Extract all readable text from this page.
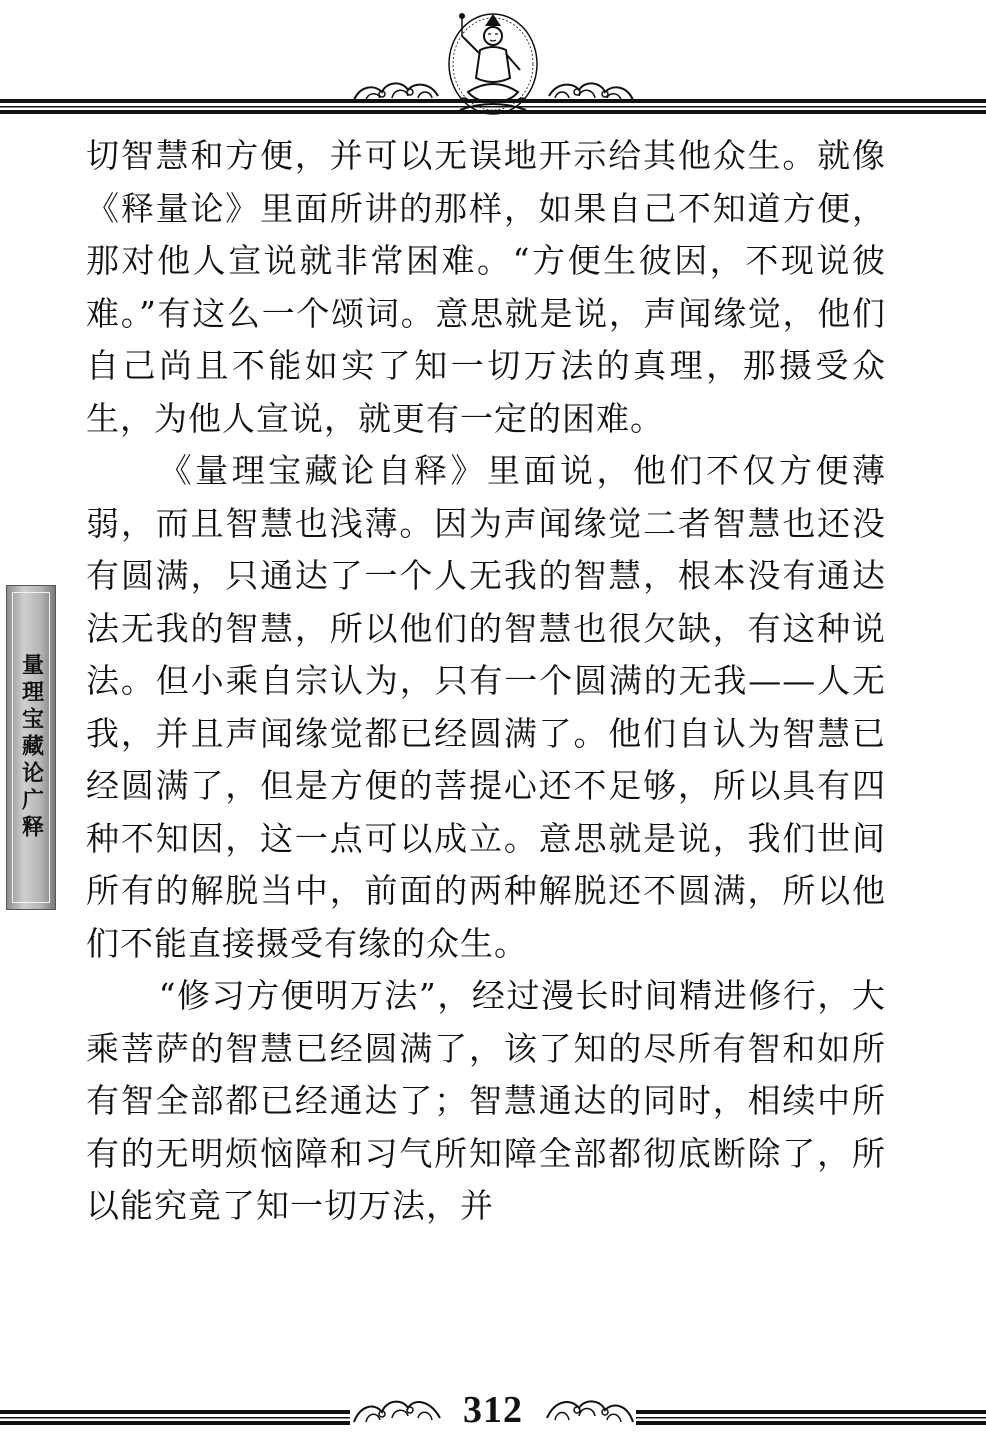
量理宝藏论广释

切智慧和方便，并可以无误地开示给其他众生。就像《释量论》里面所讲的那样，如果自己不知道方便，那对他人宣说就非常困难。“方便生彼因，不现说彼难。”有这么一个颂词。意思就是说，声闻缘觉，他们自己尚且不能如实了知一切万法的真理，那摄受众生，为他人宣说，就更有一定的困难。

《量理宝藏论自释》里面说，他们不仅方便薄弱，而且智慧也浅薄。因为声闻缘觉二者智慧也还没有圆满，只通达了一个人无我的智慧，根本没有通达法无我的智慧，所以他们的智慧也很欠缺，有这种说法。但小乘自宗认为，只有一个圆满的无我——人无我，并且声闻缘觉都已经圆满了。他们自认为智慧已经圆满了，但是方便的菩提心还不足够，所以具有四种不知因，这一点可以成立。意思就是说，我们世间所有的解脱当中，前面的两种解脱还不圆满，所以他们不能直接摄受有缘的众生。

“修习方便明万法”，经过漫长时间精进修行，大乘菩萨的智慧已经圆满了，该了知的尽所有智和如所有智全部都已经通达了；智慧通达的同时，相续中所有的无明烦恼障和习气所知障全部都彻底断除了，所以能究竟了知一切万法，并

312
